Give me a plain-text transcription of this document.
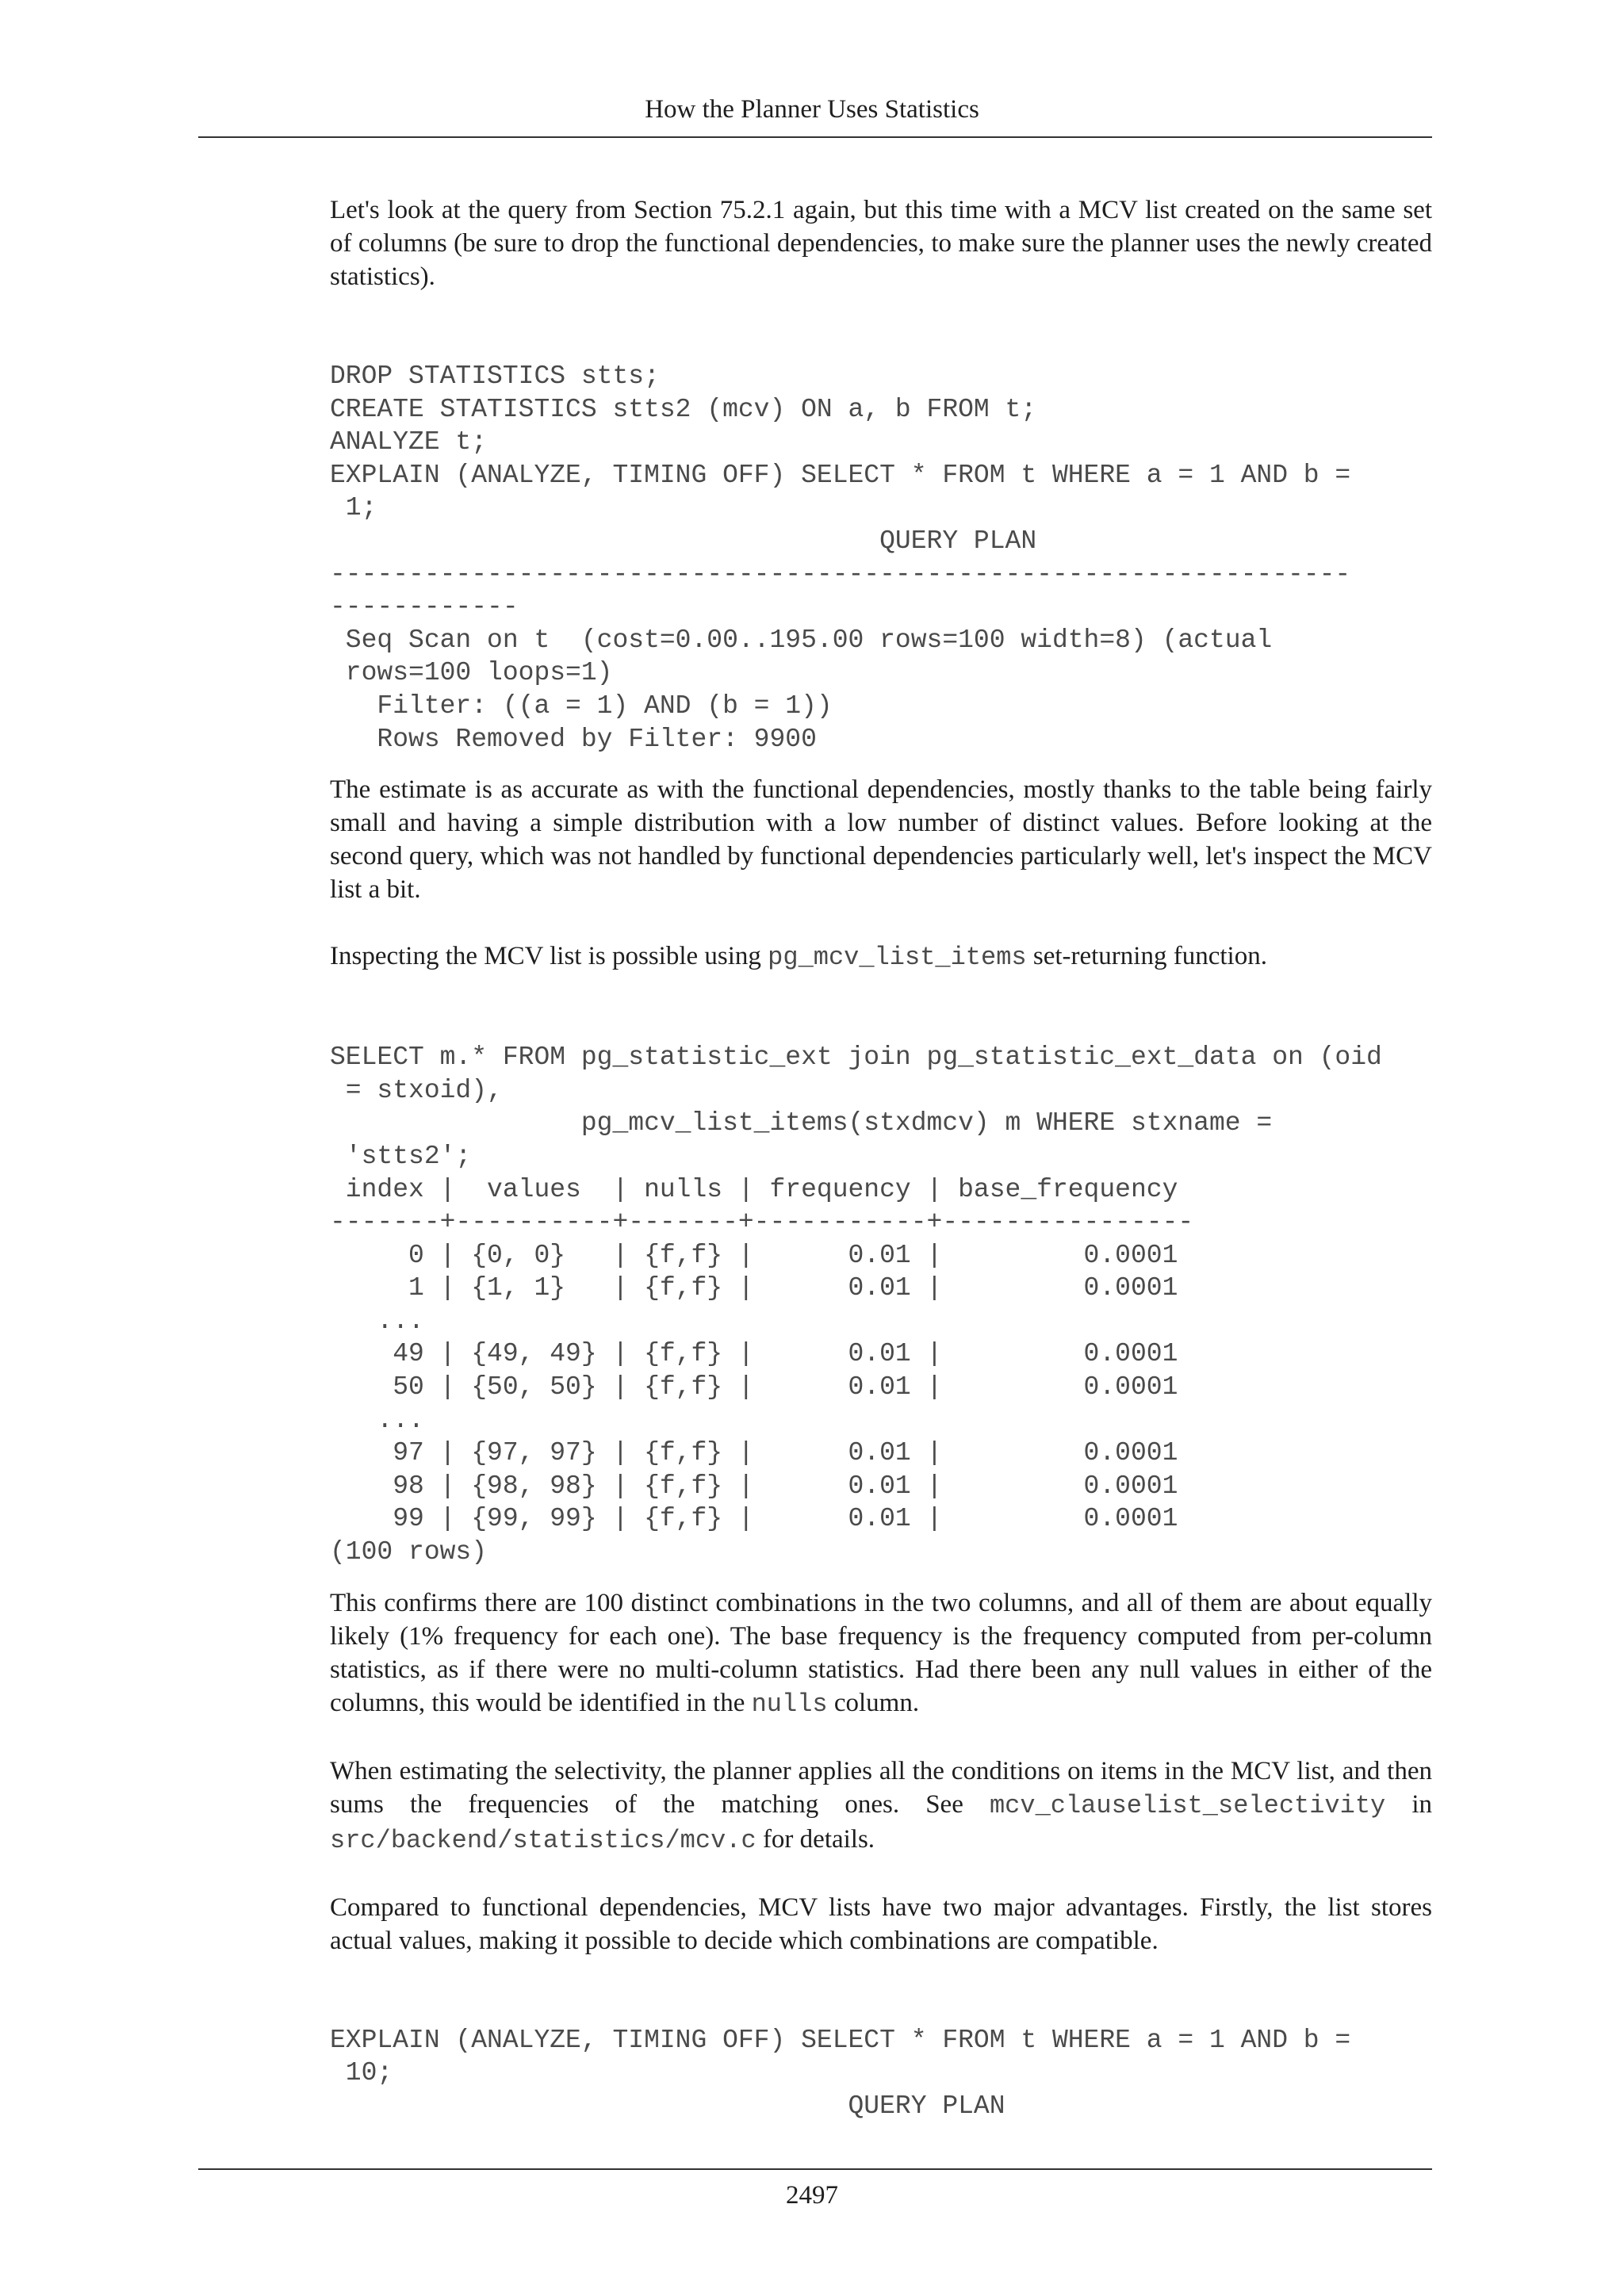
How the Planner Uses Statistics

Let's look at the query from Section 75.2.1 again, but this time with a MCV list created on the same set of columns (be sure to drop the functional dependencies, to make sure the planner uses the newly created statistics).

DROP STATISTICS stts;
CREATE STATISTICS stts2 (mcv) ON a, b FROM t;
ANALYZE t;
EXPLAIN (ANALYZE, TIMING OFF) SELECT * FROM t WHERE a = 1 AND b =
1;
QUERY PLAN
-----------------------------------------------------------------
------------
Seq Scan on t  (cost=0.00..195.00 rows=100 width=8) (actual
rows=100 loops=1)
Filter: ((a = 1) AND (b = 1))
Rows Removed by Filter: 9900

The estimate is as accurate as with the functional dependencies, mostly thanks to the table being fairly small and having a simple distribution with a low number of distinct values. Before looking at the second query, which was not handled by functional dependencies particularly well, let's inspect the MCV list a bit.

Inspecting the MCV list is possible using pg_mcv_list_items set-returning function.

SELECT m.* FROM pg_statistic_ext join pg_statistic_ext_data on (oid
= stxoid),
pg_mcv_list_items(stxdmcv) m WHERE stxname =
'stts2';
index |  values  | nulls | frequency | base_frequency
-------+----------+-------+-----------+----------------
0 | {0, 0}   | {f,f} |      0.01 |         0.0001
1 | {1, 1}   | {f,f} |      0.01 |         0.0001
...
49 | {49, 49} | {f,f} |      0.01 |         0.0001
50 | {50, 50} | {f,f} |      0.01 |         0.0001
...
97 | {97, 97} | {f,f} |      0.01 |         0.0001
98 | {98, 98} | {f,f} |      0.01 |         0.0001
99 | {99, 99} | {f,f} |      0.01 |         0.0001
(100 rows)

This confirms there are 100 distinct combinations in the two columns, and all of them are about equally likely (1% frequency for each one). The base frequency is the frequency computed from per-column statistics, as if there were no multi-column statistics. Had there been any null values in either of the columns, this would be identified in the nulls column.

When estimating the selectivity, the planner applies all the conditions on items in the MCV list, and then sums the frequencies of the matching ones. See mcv_clauselist_selectivity in src/backend/statistics/mcv.c for details.

Compared to functional dependencies, MCV lists have two major advantages. Firstly, the list stores actual values, making it possible to decide which combinations are compatible.

EXPLAIN (ANALYZE, TIMING OFF) SELECT * FROM t WHERE a = 1 AND b =
10;
QUERY PLAN
2497
